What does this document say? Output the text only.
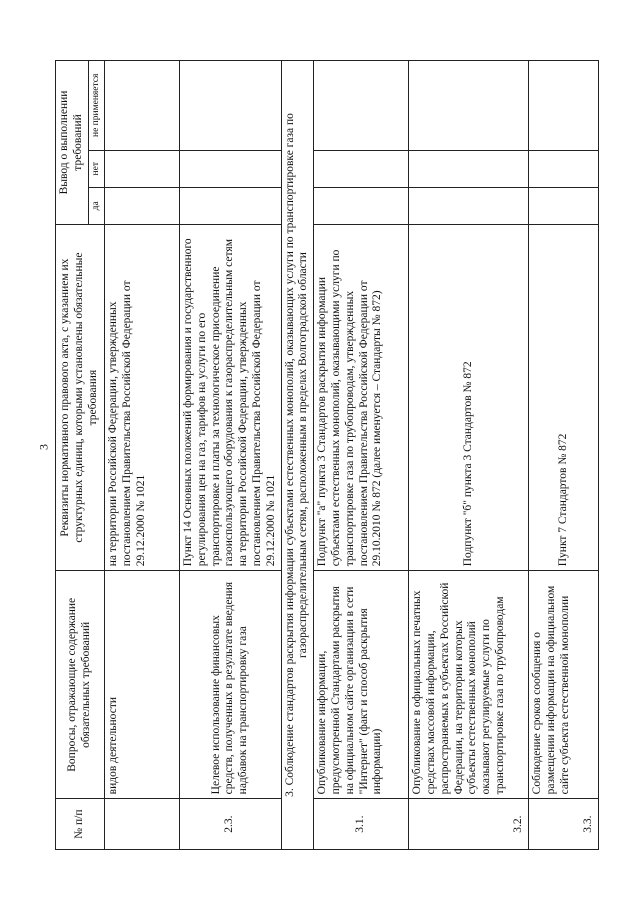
3
№ п/п	Вопросы, отражающие содержание обязательных требований	Реквизиты нормативного правового акта, с указанием их структурных единиц, которыми установлены обязательные требования	Вывод о выполнении требований		
			да	нет	не применяется
	видов деятельности	на территории Российской Федерации, утвержденных постановлением Правительства Российской Федерации от 29.12.2000 № 1021			
2.3.	Целевое использование финансовых средств, полученных в результате введения надбавок на транспортировку газа	Пункт 14 Основных положений формирования и государственного регулирования цен на газ, тарифов на услуги по его транспортировке и платы за технологическое присоединение газоиспользующего оборудования к газораспределительным сетям на территории Российской Федерации, утвержденных постановлением Правительства Российской Федерации от 29.12.2000 № 1021			
3. Соблюдение стандартов раскрытия информации субъектами естественных монополий, оказывающих услуги по транспортировке газа по газораспределительным сетям, расположенным в пределах Волгоградской области					
3.1.	Опубликование информации, предусмотренной Стандартами раскрытия на официальном сайте организации в сети "Интернет" (факт и способ раскрытия информации)	Подпункт "а" пункта 3 Стандартов раскрытия информации субъектами естественных монополий, оказывающими услуги по транспортировке газа по трубопроводам, утвержденных постановлением Правительства Российской Федерации от 29.10.2010 № 872 (далее именуется – Стандарты № 872)			
3.2.	Опубликование в официальных печатных средствах массовой информации, распространяемых в субъектах Российской Федерации, на территории которых субъекты естественных монополий оказывают регулируемые услуги по транспортировке газа по трубопроводам	Подпункт "б" пункта 3 Стандартов № 872			
3.3.	Соблюдение сроков сообщения о размещении информации на официальном сайте субъекта естественной монополии	Пункт 7 Стандартов № 872			
